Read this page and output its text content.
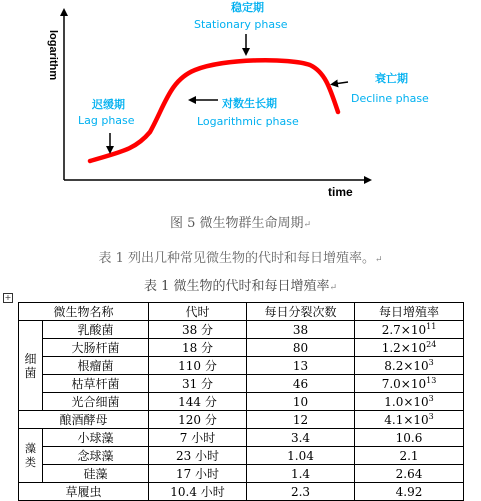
logarithm
time
稳定期
Stationary phase
衰亡期
Decline phase
迟缓期
Lag phase
对数生长期
Logarithmic phase
图 5 微生物群生命周期↵
表 1 列出几种常见微生物的代时和每日增殖率。↵
表 1 微生物的代时和每日增殖率↵
+
微生物名称		代时	每日分裂次数	每日增殖率
细菌	乳酸菌	38 分	38	$2.7\times 10^{11}$
	大肠杆菌	18 分	80	$1.2\times 10^{24}$
	根瘤菌	110 分	13	$8.2\times 10^3$
	枯草杆菌	31 分	46	$7.0\times 10^{13}$
	光合细菌	144 分	10	$1.0\times 10^3$
酿酒酵母		120 分	12	$4.1\times 10^3$
藻类	小球藻	7 小时	3.4	10.6
	念球藻	23 小时	1.04	2.1
	硅藻	17 小时	1.4	2.64
草履虫		10.4 小时	2.3	4.92
